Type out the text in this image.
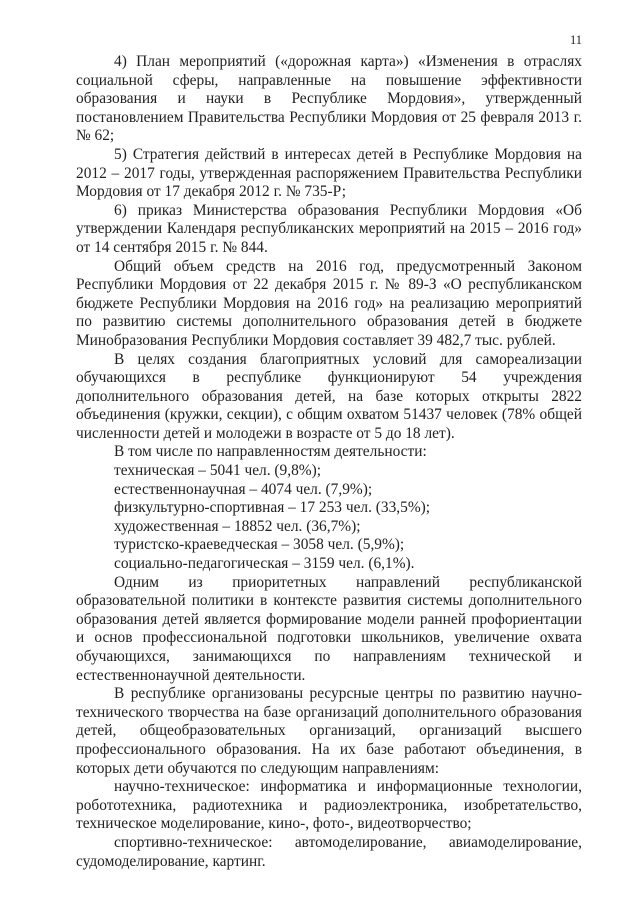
11

4) План мероприятий («дорожная карта») «Изменения в отраслях социальной сферы, направленные на повышение эффективности образования и науки в Республике Мордовия», утвержденный постановлением Правительства Республики Мордовия от 25 февраля 2013 г. № 62;

5) Стратегия действий в интересах детей в Республике Мордовия на 2012 – 2017 годы, утвержденная распоряжением Правительства Республики Мордовия от 17 декабря 2012 г. № 735-Р;

6) приказ Министерства образования Республики Мордовия «Об утверждении Календаря республиканских мероприятий на 2015 – 2016 год» от 14 сентября 2015 г. № 844.

Общий объем средств на 2016 год, предусмотренный Законом Республики Мордовия от 22 декабря 2015 г. № 89-З «О республиканском бюджете Республики Мордовия на 2016 год» на реализацию мероприятий по развитию системы дополнительного образования детей в бюджете Минобразования Республики Мордовия составляет 39 482,7 тыс. рублей.

В целях создания благоприятных условий для самореализации обучающихся в республике функционируют 54 учреждения дополнительного образования детей, на базе которых открыты 2822 объединения (кружки, секции), с общим охватом 51437 человек (78% общей численности детей и молодежи в возрасте от 5 до 18 лет).

В том числе по направленностям деятельности:

техническая – 5041 чел. (9,8%);

естественнонаучная – 4074 чел. (7,9%);

физкультурно-спортивная – 17 253 чел. (33,5%);

художественная – 18852 чел. (36,7%);

туристско-краеведческая – 3058 чел. (5,9%);

социально-педагогическая – 3159 чел. (6,1%).

Одним из приоритетных направлений республиканской образовательной политики в контексте развития системы дополнительного образования детей является формирование модели ранней профориентации и основ профессиональной подготовки школьников, увеличение охвата обучающихся, занимающихся по направлениям технической и естественнонаучной деятельности.

В республике организованы ресурсные центры по развитию научно-технического творчества на базе организаций дополнительного образования детей, общеобразовательных организаций, организаций высшего профессионального образования. На их базе работают объединения, в которых дети обучаются по следующим направлениям:

научно-техническое: информатика и информационные технологии, робототехника, радиотехника и радиоэлектроника, изобретательство, техническое моделирование, кино-, фото-, видеотворчество;

спортивно-техническое: автомоделирование, авиамоделирование, судомоделирование, картинг.
